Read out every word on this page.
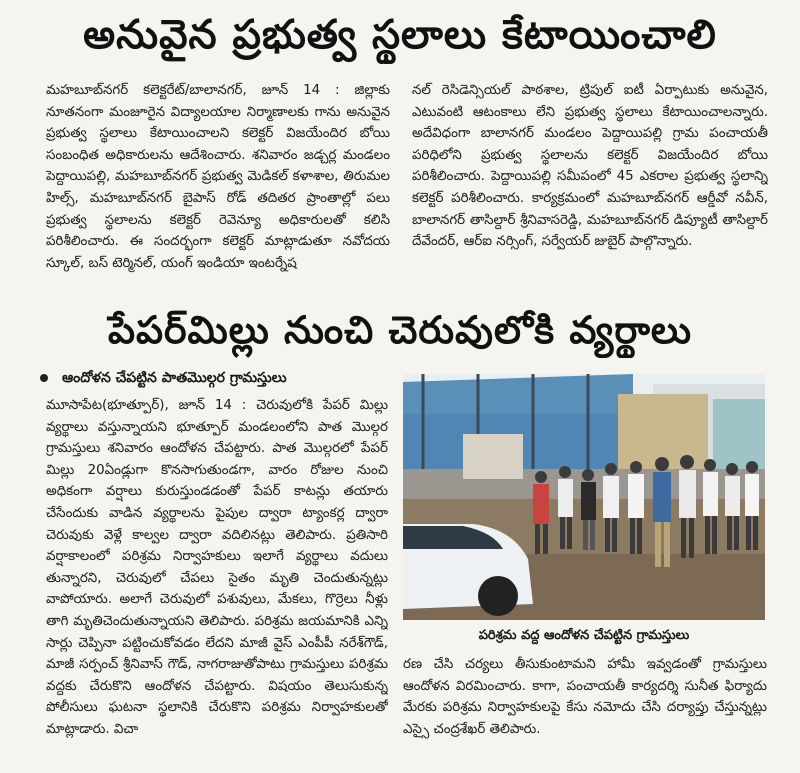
అనువైన ప్రభుత్వ స్థలాలు కేటాయించాలి

మహబూబ్‌నగర్ కలెక్టరేట్/బాలానగర్, జూన్ 14 : జిల్లాకు నూతనంగా మంజూరైన విద్యాలయాల నిర్మాణాలకు గాను అనువైన ప్రభుత్వ స్థలాలు కేటాయించాలని కలెక్టర్ విజయేందిర బోయి సంబంధిత అధికారులను ఆదేశించారు. శనివారం జడ్చర్ల మండలం పెద్దాయిపల్లి, మహబూబ్‌నగర్ ప్రభుత్వ మెడికల్ కళాశాల, తిరుమల హిల్స్, మహబూబ్‌నగర్ బైపాస్ రోడ్ తదితర ప్రాంతాల్లో పలు ప్రభుత్వ స్థలాలను కలెక్టర్ రెవెన్యూ అధికారులతో కలిసి పరిశీలించారు. ఈ సందర్భంగా కలెక్టర్ మాట్లాడుతూ నవోదయ స్కూల్, బస్ టెర్మినల్, యంగ్ ఇండియా ఇంటర్నేష

నల్ రెసిడెన్సియల్ పాఠశాల, ట్రిపుల్ ఐటీ ఏర్పాటుకు అనువైన, ఎటువంటి ఆటంకాలు లేని ప్రభుత్వ స్థలాలు కేటాయించాలన్నారు. అదేవిధంగా బాలానగర్ మండలం పెద్దాయిపల్లి గ్రామ పంచాయతీ పరిధిలోని ప్రభుత్వ స్థలాలను కలెక్టర్ విజయేందిర బోయి పరిశీలించారు. పెద్దాయిపల్లి సమీపంలో 45 ఎకరాల ప్రభుత్వ స్థలాన్ని కలెక్టర్ పరిశీలించారు. కార్యక్రమంలో మహబూబ్‌నగర్ ఆర్డీవో నవీన్, బాలానగర్ తాసిల్దార్ శ్రీనివాసరెడ్డి, మహబూబ్‌నగర్ డిప్యూటీ తాసిల్దార్ దేవేందర్, ఆర్ఐ నర్సింగ్, సర్వేయర్ జుబైర్ పాల్గొన్నారు.

పేపర్‌మిల్లు నుంచి చెరువులోకి వ్యర్థాలు
ఆందోళన చేపట్టిన పాతమొల్గర గ్రామస్తులు

మూసాపేట(భూత్పూర్), జూన్ 14 : చెరువులోకి పేపర్ మిల్లు వ్యర్థాలు వస్తున్నాయని భూత్పూర్ మండలంలోని పాత మొల్గర గ్రామస్తులు శనివారం ఆందోళన చేపట్టారు. పాత మొల్గరలో పేపర్ మిల్లు 20ఏండ్లుగా కొనసాగుతుండగా, వారం రోజుల నుంచి అధికంగా వర్షాలు కురుస్తుండడంతో పేపర్ కాటన్లు తయారు చేసేందుకు వాడిన వ్యర్థాలను పైపుల ద్వారా ట్యాంకర్ల ద్వారా చెరువుకు వెళ్లే కాల్వల ద్వారా వదిలినట్లు తెలిపారు. ప్రతిసారి వర్షాకాలంలో పరిశ్రమ నిర్వాహకులు ఇలాగే వ్యర్థాలు వదులు తున్నారని, చెరువులో చేపలు సైతం మృతి చెందుతున్నట్లు వాపోయారు. అలాగే చెరువులో పశువులు, మేకలు, గొర్రెలు నీళ్లు తాగి మృతిచెందుతున్నాయని తెలిపారు. పరిశ్రమ జయమానికి ఎన్ని సార్లు చెప్పినా పట్టించుకోవడం లేదని మాజీ వైస్ ఎంపీపీ నరేశ్‌గౌడ్, మాజీ సర్పంచ్ శ్రీనివాస్ గౌడ్, నాగరాజుతోపాటు గ్రామస్తులు పరిశ్రమ వద్దకు చేరుకొని ఆందోళన చేపట్టారు. విషయం తెలుసుకున్న పోలీసులు ఘటనా స్థలానికి చేరుకొని పరిశ్రమ నిర్వాహకులతో మాట్లాడారు. విచా

పరిశ్రమ వద్ద ఆందోళన చేపట్టిన గ్రామస్తులు

రణ చేసి చర్యలు తీసుకుంటామని హామీ ఇవ్వడంతో గ్రామస్తులు ఆందోళన విరమించారు. కాగా, పంచాయతీ కార్యదర్శి సునీత ఫిర్యాదు మేరకు పరిశ్రమ నిర్వాహకులపై కేసు నమోదు చేసి దర్యాప్తు చేస్తున్నట్లు ఎస్సై చంద్రశేఖర్ తెలిపారు.
